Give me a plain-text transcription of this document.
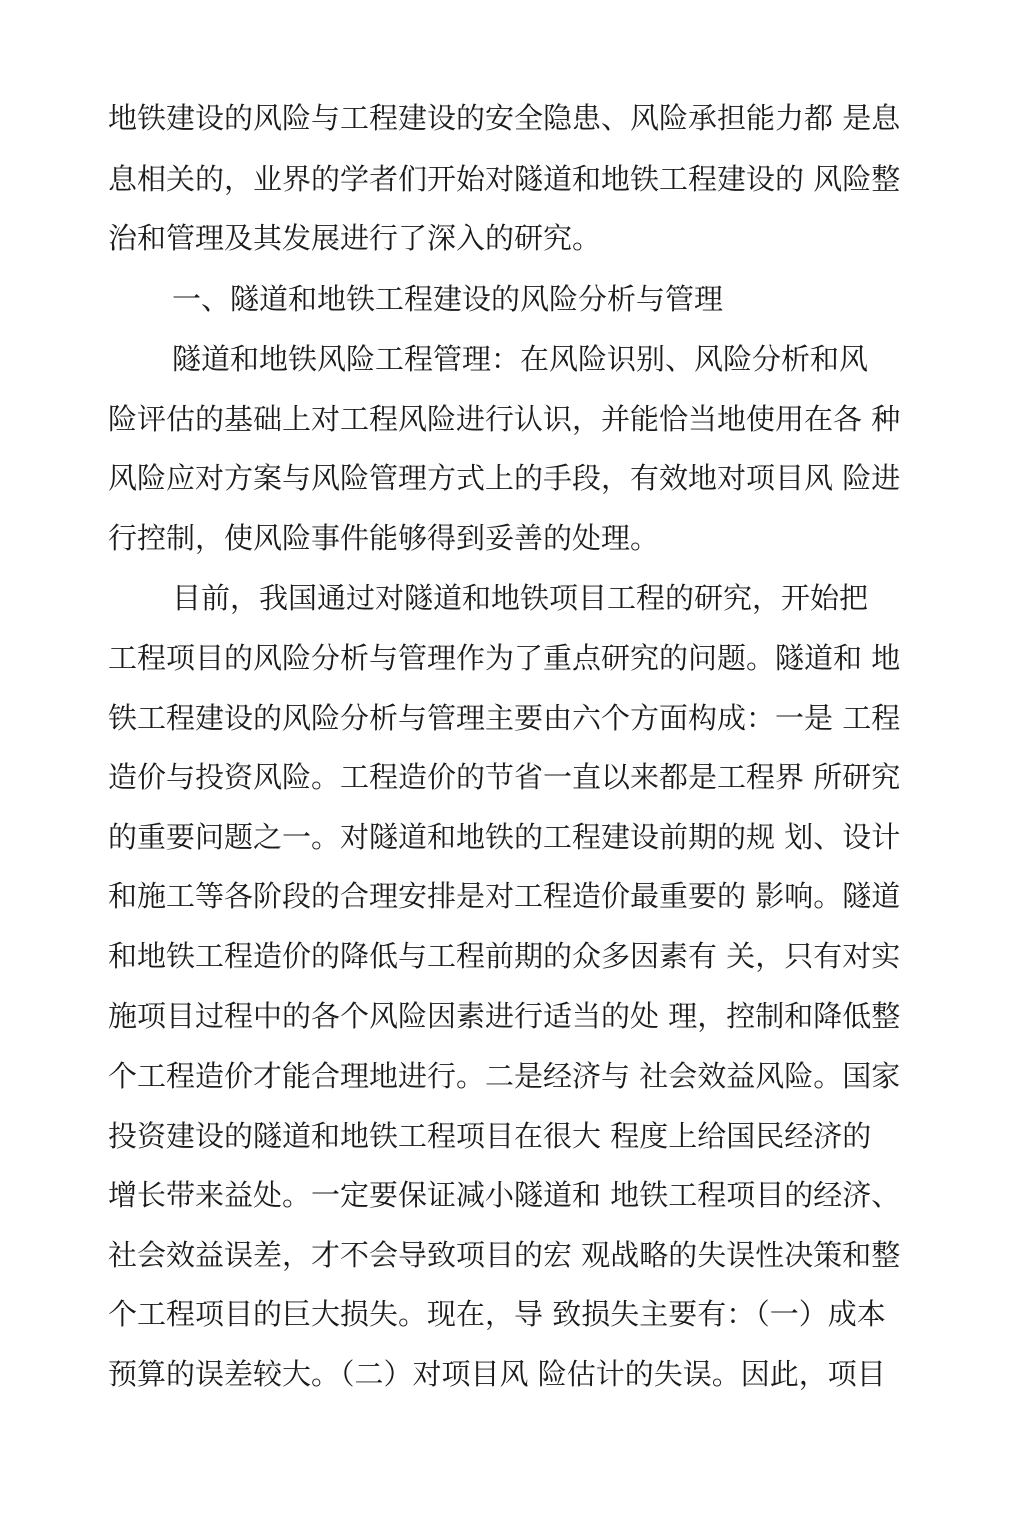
地铁建设的风险与工程建设的安全隐患、风险承担能力都 是息
息相关的，业界的学者们开始对隧道和地铁工程建设的 风险整
治和管理及其发展进行了深入的研究。
一、隧道和地铁工程建设的风险分析与管理
隧道和地铁风险工程管理：在风险识别、风险分析和风
险评估的基础上对工程风险进行认识，并能恰当地使用在各 种
风险应对方案与风险管理方式上的手段，有效地对项目风 险进
行控制，使风险事件能够得到妥善的处理。
目前，我国通过对隧道和地铁项目工程的研究，开始把
工程项目的风险分析与管理作为了重点研究的问题。隧道和 地
铁工程建设的风险分析与管理主要由六个方面构成：一是 工程
造价与投资风险。工程造价的节省一直以来都是工程界 所研究
的重要问题之一。对隧道和地铁的工程建设前期的规 划、设计
和施工等各阶段的合理安排是对工程造价最重要的 影响。隧道
和地铁工程造价的降低与工程前期的众多因素有 关，只有对实
施项目过程中的各个风险因素进行适当的处 理，控制和降低整
个工程造价才能合理地进行。二是经济与 社会效益风险。国家
投资建设的隧道和地铁工程项目在很大 程度上给国民经济的
增长带来益处。一定要保证减小隧道和 地铁工程项目的经济、
社会效益误差，才不会导致项目的宏 观战略的失误性决策和整
个工程项目的巨大损失。现在，导 致损失主要有：（一）成本
预算的误差较大。（二）对项目风 险估计的失误。因此，项目
